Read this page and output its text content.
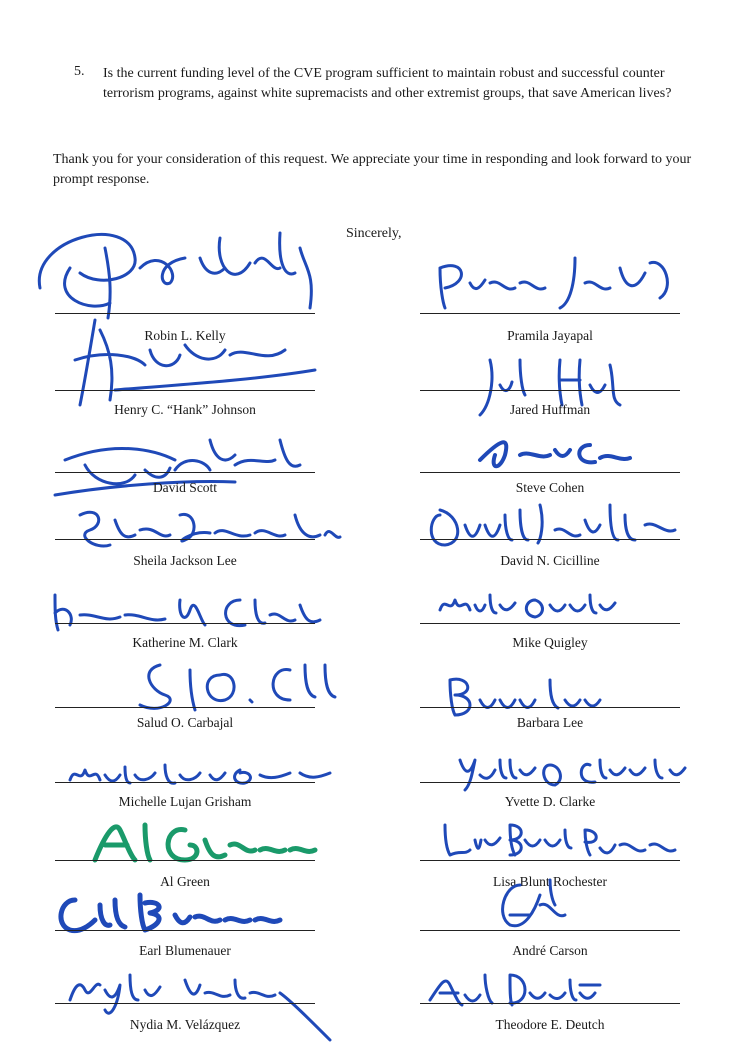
5. Is the current funding level of the CVE program sufficient to maintain robust and successful counter terrorism programs, against white supremacists and other extremist groups, that save American lives?
Thank you for your consideration of this request. We appreciate your time in responding and look forward to your prompt response.
Sincerely,
Robin L. Kelly
Henry C. “Hank” Johnson
David Scott
Sheila Jackson Lee
Katherine M. Clark
Salud O. Carbajal
Michelle Lujan Grisham
Al Green
Earl Blumenauer
Nydia M. Velázquez
Pramila Jayapal
Jared Huffman
Steve Cohen
David N. Cicilline
Mike Quigley
Barbara Lee
Yvette D. Clarke
Lisa Blunt Rochester
André Carson
Theodore E. Deutch
